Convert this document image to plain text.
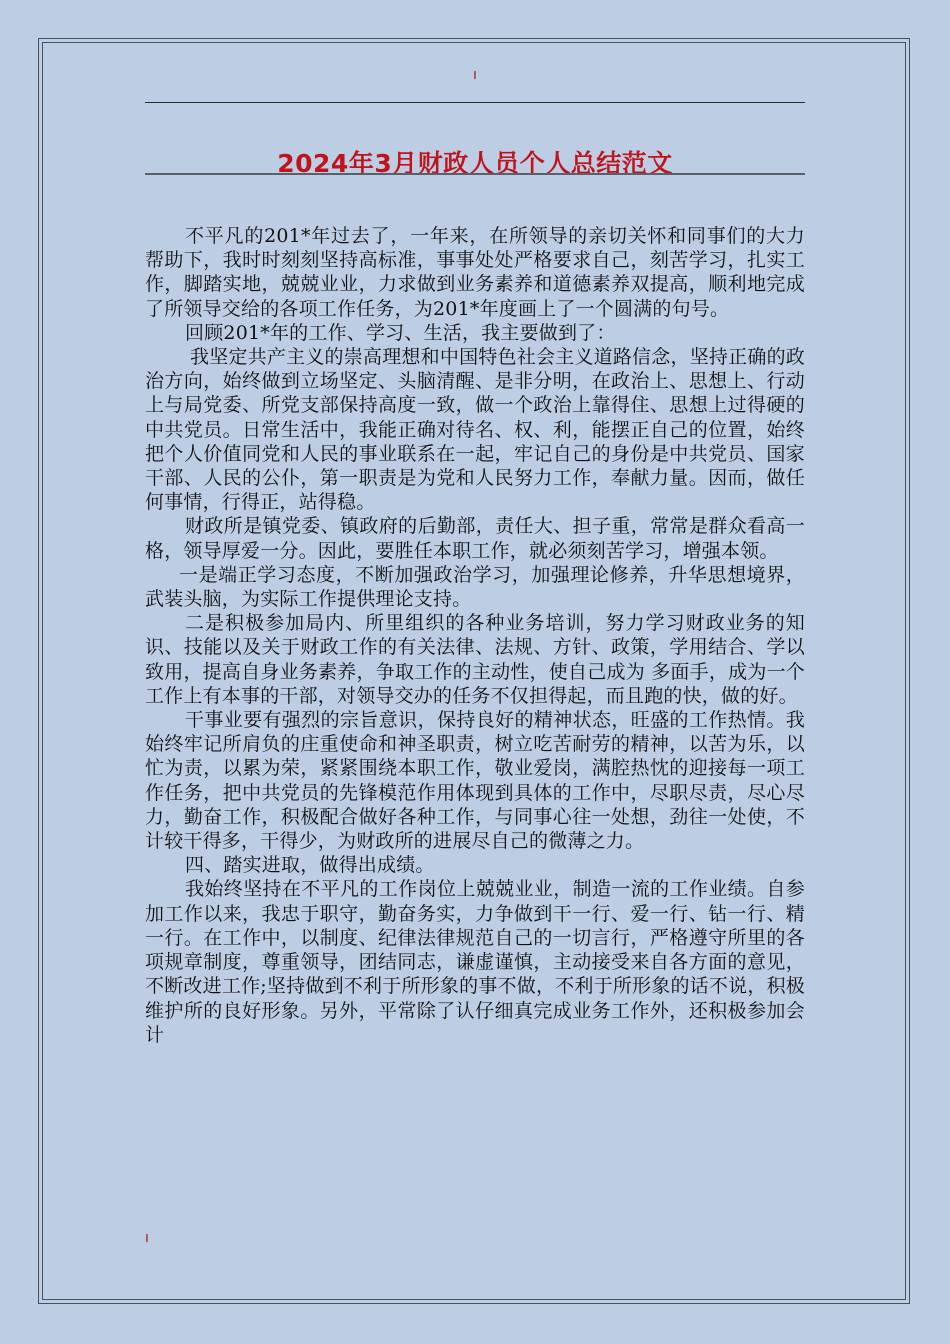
ı
2024年3月财政人员个人总结范文

不平凡的201*年过去了，一年来，在所领导的亲切关怀和同事们的大力帮助下，我时时刻刻坚持高标准，事事处处严格要求自己，刻苦学习，扎实工作，脚踏实地，兢兢业业，力求做到业务素养和道德素养双提高，顺利地完成了所领导交给的各项工作任务，为201*年度画上了一个圆满的句号。

回顾201*年的工作、学习、生活，我主要做到了：

我坚定共产主义的崇高理想和中国特色社会主义道路信念，坚持正确的政治方向，始终做到立场坚定、头脑清醒、是非分明，在政治上、思想上、行动上与局党委、所党支部保持高度一致，做一个政治上靠得住、思想上过得硬的中共党员。日常生活中，我能正确对待名、权、利，能摆正自己的位置，始终把个人价值同党和人民的事业联系在一起，牢记自己的身份是中共党员、国家干部、人民的公仆，第一职责是为党和人民努力工作，奉献力量。因而，做任何事情，行得正，站得稳。

财政所是镇党委、镇政府的后勤部，责任大、担子重，常常是群众看高一格，领导厚爱一分。因此，要胜任本职工作，就必须刻苦学习，增强本领。

一是端正学习态度，不断加强政治学习，加强理论修养，升华思想境界，武装头脑，为实际工作提供理论支持。

二是积极参加局内、所里组织的各种业务培训，努力学习财政业务的知识、技能以及关于财政工作的有关法律、法规、方针、政策，学用结合、学以致用，提高自身业务素养，争取工作的主动性，使自己成为 多面手，成为一个工作上有本事的干部，对领导交办的任务不仅担得起，而且跑的快，做的好。

干事业要有强烈的宗旨意识，保持良好的精神状态，旺盛的工作热情。我始终牢记所肩负的庄重使命和神圣职责，树立吃苦耐劳的精神，以苦为乐，以忙为责，以累为荣，紧紧围绕本职工作，敬业爱岗，满腔热忱的迎接每一项工作任务，把中共党员的先锋模范作用体现到具体的工作中，尽职尽责，尽心尽力，勤奋工作，积极配合做好各种工作，与同事心往一处想，劲往一处使，不计较干得多，干得少，为财政所的进展尽自己的微薄之力。

四、踏实进取，做得出成绩。

我始终坚持在不平凡的工作岗位上兢兢业业，制造一流的工作业绩。自参加工作以来，我忠于职守，勤奋务实，力争做到干一行、爱一行、钻一行、精一行。在工作中，以制度、纪律法律规范自己的一切言行，严格遵守所里的各项规章制度，尊重领导，团结同志，谦虚谨慎，主动接受来自各方面的意见，不断改进工作;坚持做到不利于所形象的事不做，不利于所形象的话不说，积极维护所的良好形象。另外，平常除了认仔细真完成业务工作外，还积极参加会计

ı
